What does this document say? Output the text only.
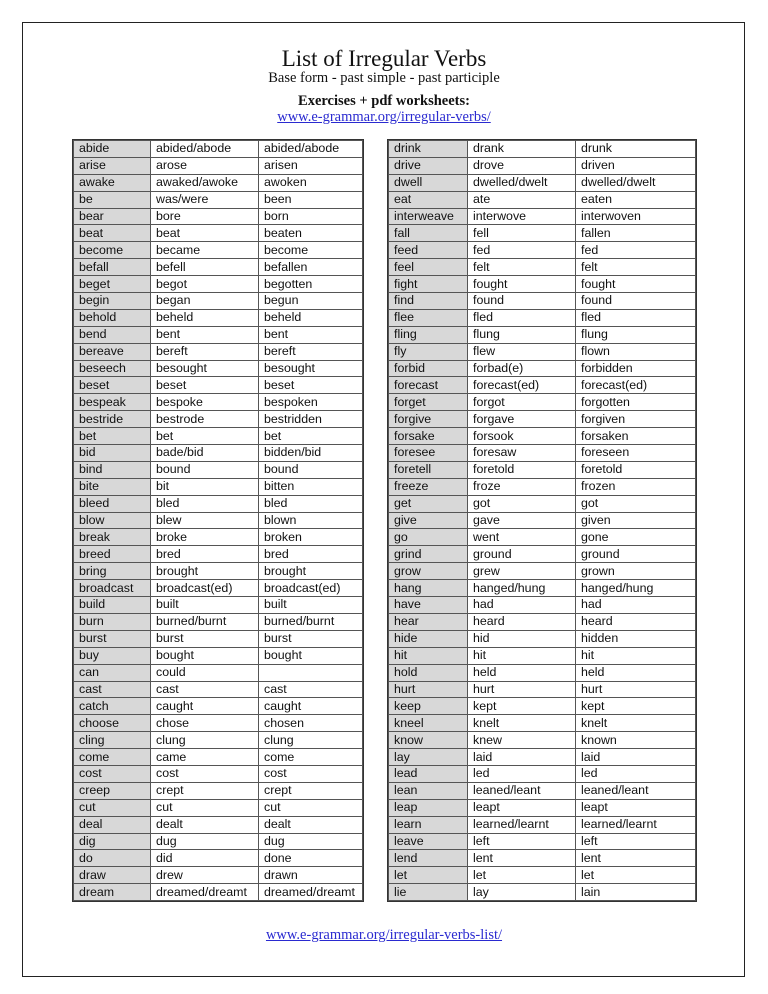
List of Irregular Verbs
Base form - past simple - past participle
Exercises + pdf worksheets:
www.e-grammar.org/irregular-verbs/
abide	abided/abode	abided/abode
arise	arose	arisen
awake	awaked/awoke	awoken
be	was/were	been
bear	bore	born
beat	beat	beaten
become	became	become
befall	befell	befallen
beget	begot	begotten
begin	began	begun
behold	beheld	beheld
bend	bent	bent
bereave	bereft	bereft
beseech	besought	besought
beset	beset	beset
bespeak	bespoke	bespoken
bestride	bestrode	bestridden
bet	bet	bet
bid	bade/bid	bidden/bid
bind	bound	bound
bite	bit	bitten
bleed	bled	bled
blow	blew	blown
break	broke	broken
breed	bred	bred
bring	brought	brought
broadcast	broadcast(ed)	broadcast(ed)
build	built	built
burn	burned/burnt	burned/burnt
burst	burst	burst
buy	bought	bought
can	could	
cast	cast	cast
catch	caught	caught
choose	chose	chosen
cling	clung	clung
come	came	come
cost	cost	cost
creep	crept	crept
cut	cut	cut
deal	dealt	dealt
dig	dug	dug
do	did	done
draw	drew	drawn
dream	dreamed/dreamt	dreamed/dreamt
drink	drank	drunk
drive	drove	driven
dwell	dwelled/dwelt	dwelled/dwelt
eat	ate	eaten
interweave	interwove	interwoven
fall	fell	fallen
feed	fed	fed
feel	felt	felt
fight	fought	fought
find	found	found
flee	fled	fled
fling	flung	flung
fly	flew	flown
forbid	forbad(e)	forbidden
forecast	forecast(ed)	forecast(ed)
forget	forgot	forgotten
forgive	forgave	forgiven
forsake	forsook	forsaken
foresee	foresaw	foreseen
foretell	foretold	foretold
freeze	froze	frozen
get	got	got
give	gave	given
go	went	gone
grind	ground	ground
grow	grew	grown
hang	hanged/hung	hanged/hung
have	had	had
hear	heard	heard
hide	hid	hidden
hit	hit	hit
hold	held	held
hurt	hurt	hurt
keep	kept	kept
kneel	knelt	knelt
know	knew	known
lay	laid	laid
lead	led	led
lean	leaned/leant	leaned/leant
leap	leapt	leapt
learn	learned/learnt	learned/learnt
leave	left	left
lend	lent	lent
let	let	let
lie	lay	lain
www.e-grammar.org/irregular-verbs-list/
